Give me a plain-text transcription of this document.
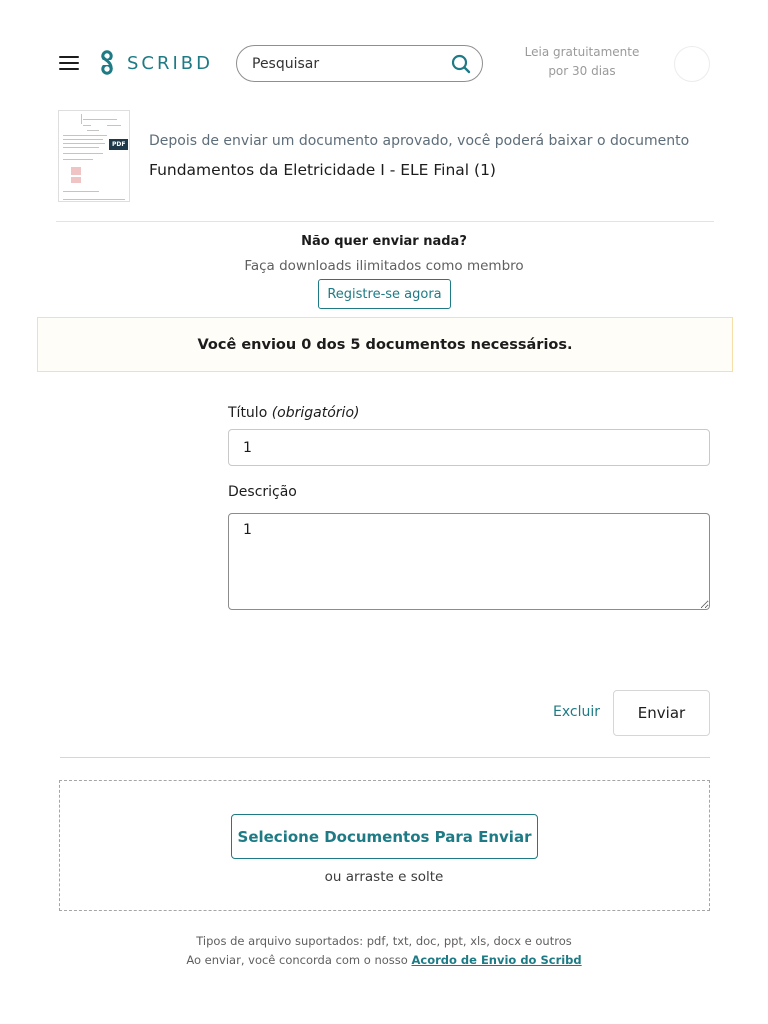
SCRIBD
Pesquisar
Leia gratuitamente
por 30 dias
PDF Depois de enviar um documento aprovado, você poderá baixar o documento
Fundamentos da Eletricidade I - ELE Final (1)
Não quer enviar nada?
Faça downloads ilimitados como membro
Registre-se agora
Você enviou 0 dos 5 documentos necessários.
Título (obrigatório)
1
Descrição
1
Excluir	Enviar
Selecione Documentos Para Enviar
ou arraste e solte
Tipos de arquivo suportados: pdf, txt, doc, ppt, xls, docx e outros
Ao enviar, você concorda com o nosso Acordo de Envio do Scribd
